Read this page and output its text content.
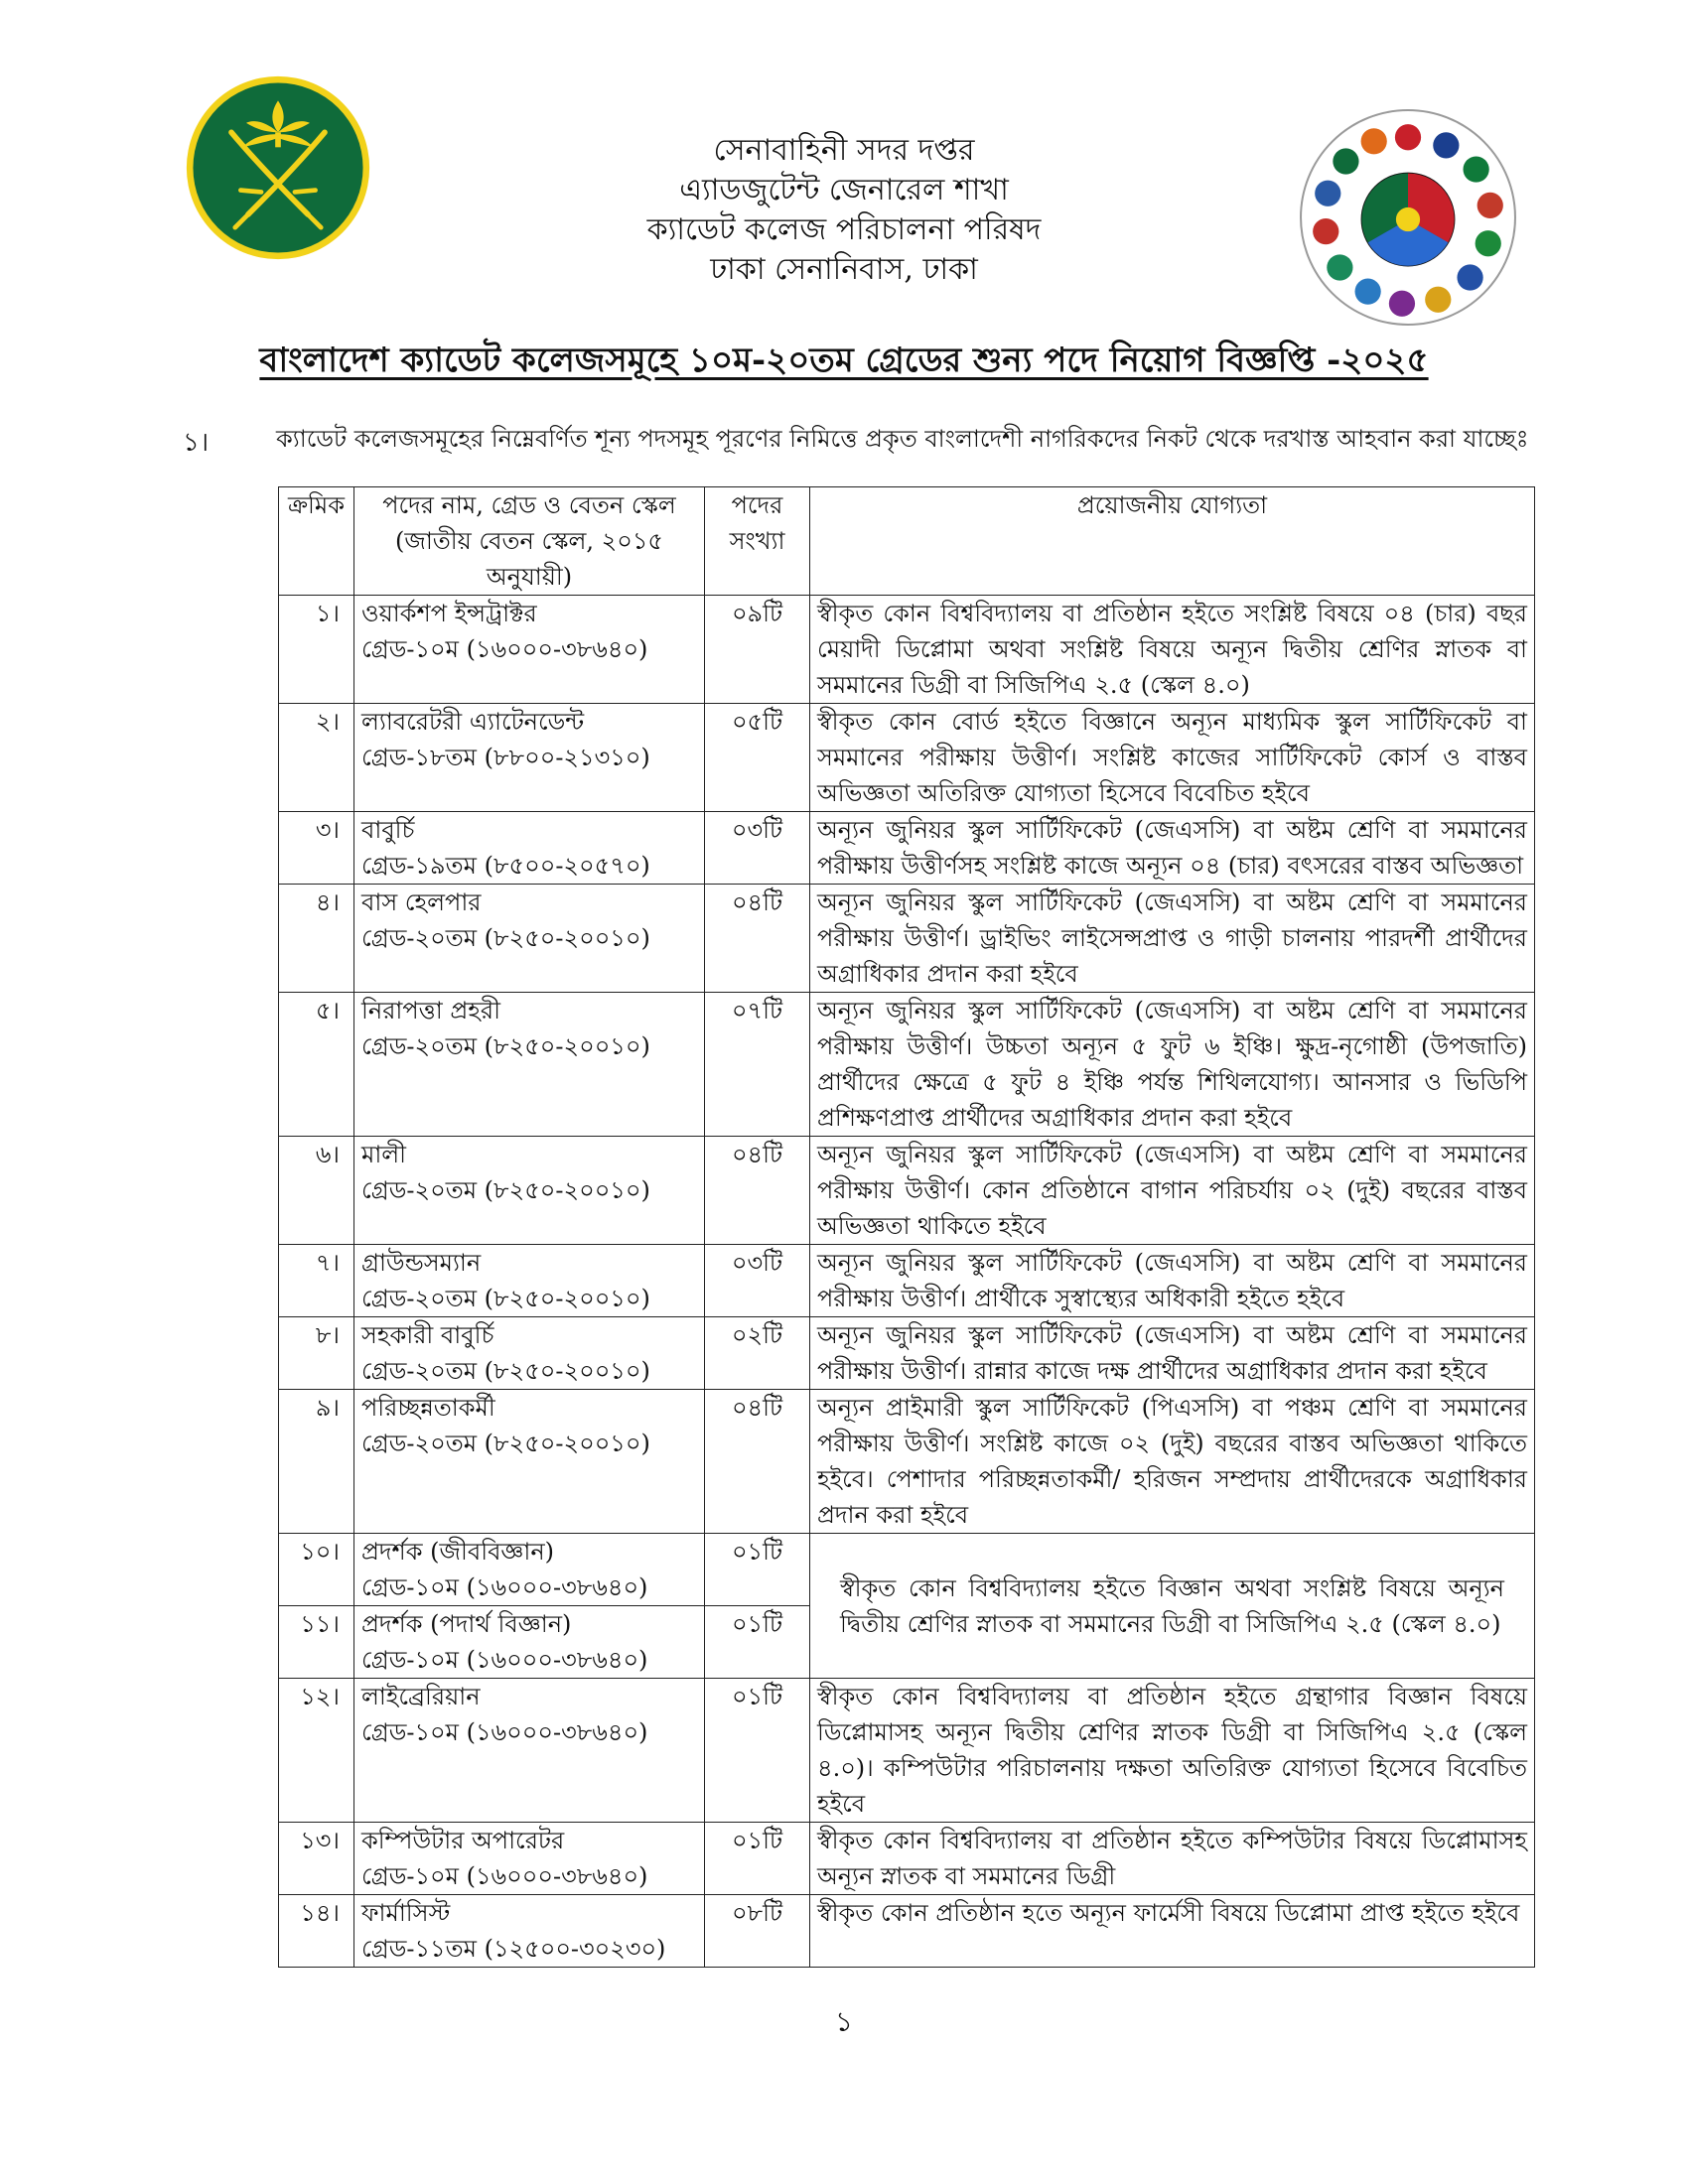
সেনাবাহিনী সদর দপ্তর
এ্যাডজুটেন্ট জেনারেল শাখা
ক্যাডেট কলেজ পরিচালনা পরিষদ
ঢাকা সেনানিবাস, ঢাকা
বাংলাদেশ ক্যাডেট কলেজসমূহে ১০ম-২০তম গ্রেডের শুন্য পদে নিয়োগ বিজ্ঞপ্তি -২০২৫
১।	ক্যাডেট কলেজসমূহের নিম্নেবর্ণিত শূন্য পদসমূহ পূরণের নিমিত্তে প্রকৃত বাংলাদেশী নাগরিকদের নিকট থেকে দরখাস্ত আহবান করা যাচ্ছেঃ
ক্রমিক	পদের নাম, গ্রেড ও বেতন স্কেল (জাতীয় বেতন স্কেল, ২০১৫ অনুযায়ী)	পদের সংখ্যা	প্রয়োজনীয় যোগ্যতা
১।	ওয়ার্কশপ ইন্সট্রাক্টর
গ্রেড-১০ম (১৬০০০-৩৮৬৪০)	০৯টি	স্বীকৃত কোন বিশ্ববিদ্যালয় বা প্রতিষ্ঠান হইতে সংশ্লিষ্ট বিষয়ে ০৪ (চার) বছর মেয়াদী ডিপ্লোমা অথবা সংশ্লিষ্ট বিষয়ে অন্যূন দ্বিতীয় শ্রেণির স্নাতক বা সমমানের ডিগ্রী বা সিজিপিএ ২.৫ (স্কেল ৪.০)
২।	ল্যাবরেটরী এ্যাটেনডেন্ট
গ্রেড-১৮তম (৮৮০০-২১৩১০)	০৫টি	স্বীকৃত কোন বোর্ড হইতে বিজ্ঞানে অন্যূন মাধ্যমিক স্কুল সার্টিফিকেট বা সমমানের পরীক্ষায় উত্তীর্ণ। সংশ্লিষ্ট কাজের সার্টিফিকেট কোর্স ও বাস্তব অভিজ্ঞতা অতিরিক্ত যোগ্যতা হিসেবে বিবেচিত হইবে
৩।	বাবুর্চি
গ্রেড-১৯তম (৮৫০০-২০৫৭০)	০৩টি	অন্যূন জুনিয়র স্কুল সার্টিফিকেট (জেএসসি) বা অষ্টম শ্রেণি বা সমমানের পরীক্ষায় উত্তীর্ণসহ সংশ্লিষ্ট কাজে অন্যূন ০৪ (চার) বৎসরের বাস্তব অভিজ্ঞতা
৪।	বাস হেলপার
গ্রেড-২০তম (৮২৫০-২০০১০)	০৪টি	অন্যূন জুনিয়র স্কুল সার্টিফিকেট (জেএসসি) বা অষ্টম শ্রেণি বা সমমানের পরীক্ষায় উত্তীর্ণ। ড্রাইভিং লাইসেন্সপ্রাপ্ত ও গাড়ী চালনায় পারদর্শী প্রার্থীদের অগ্রাধিকার প্রদান করা হইবে
৫।	নিরাপত্তা প্রহরী
গ্রেড-২০তম (৮২৫০-২০০১০)	০৭টি	অন্যূন জুনিয়র স্কুল সার্টিফিকেট (জেএসসি) বা অষ্টম শ্রেণি বা সমমানের পরীক্ষায় উত্তীর্ণ। উচ্চতা অন্যূন ৫ ফুট ৬ ইঞ্চি। ক্ষুদ্র-নৃগোষ্ঠী (উপজাতি) প্রার্থীদের ক্ষেত্রে ৫ ফুট ৪ ইঞ্চি পর্যন্ত শিথিলযোগ্য। আনসার ও ভিডিপি প্রশিক্ষণপ্রাপ্ত প্রার্থীদের অগ্রাধিকার প্রদান করা হইবে
৬।	মালী
গ্রেড-২০তম (৮২৫০-২০০১০)	০৪টি	অন্যূন জুনিয়র স্কুল সার্টিফিকেট (জেএসসি) বা অষ্টম শ্রেণি বা সমমানের পরীক্ষায় উত্তীর্ণ। কোন প্রতিষ্ঠানে বাগান পরিচর্যায় ০২ (দুই) বছরের বাস্তব অভিজ্ঞতা থাকিতে হইবে
৭।	গ্রাউন্ডসম্যান
গ্রেড-২০তম (৮২৫০-২০০১০)	০৩টি	অন্যূন জুনিয়র স্কুল সার্টিফিকেট (জেএসসি) বা অষ্টম শ্রেণি বা সমমানের পরীক্ষায় উত্তীর্ণ। প্রার্থীকে সুস্বাস্থ্যের অধিকারী হইতে হইবে
৮।	সহকারী বাবুর্চি
গ্রেড-২০তম (৮২৫০-২০০১০)	০২টি	অন্যূন জুনিয়র স্কুল সার্টিফিকেট (জেএসসি) বা অষ্টম শ্রেণি বা সমমানের পরীক্ষায় উত্তীর্ণ। রান্নার কাজে দক্ষ প্রার্থীদের অগ্রাধিকার প্রদান করা হইবে
৯।	পরিচ্ছন্নতাকর্মী
গ্রেড-২০তম (৮২৫০-২০০১০)	০৪টি	অন্যূন প্রাইমারী স্কুল সার্টিফিকেট (পিএসসি) বা পঞ্চম শ্রেণি বা সমমানের পরীক্ষায় উত্তীর্ণ। সংশ্লিষ্ট কাজে ০২ (দুই) বছরের বাস্তব অভিজ্ঞতা থাকিতে হইবে। পেশাদার পরিচ্ছন্নতাকর্মী/ হরিজন সম্প্রদায় প্রার্থীদেরকে অগ্রাধিকার প্রদান করা হইবে
১০।	প্রদর্শক (জীববিজ্ঞান)
গ্রেড-১০ম (১৬০০০-৩৮৬৪০)	০১টি	স্বীকৃত কোন বিশ্ববিদ্যালয় হইতে বিজ্ঞান অথবা সংশ্লিষ্ট বিষয়ে অন্যূন দ্বিতীয় শ্রেণির স্নাতক বা সমমানের ডিগ্রী বা সিজিপিএ ২.৫ (স্কেল ৪.০)
১১।	প্রদর্শক (পদার্থ বিজ্ঞান)
গ্রেড-১০ম (১৬০০০-৩৮৬৪০)	০১টি	
১২।	লাইব্রেরিয়ান
গ্রেড-১০ম (১৬০০০-৩৮৬৪০)	০১টি	স্বীকৃত কোন বিশ্ববিদ্যালয় বা প্রতিষ্ঠান হইতে গ্রন্থাগার বিজ্ঞান বিষয়ে ডিপ্লোমাসহ অন্যূন দ্বিতীয় শ্রেণির স্নাতক ডিগ্রী বা সিজিপিএ ২.৫ (স্কেল ৪.০)। কম্পিউটার পরিচালনায় দক্ষতা অতিরিক্ত যোগ্যতা হিসেবে বিবেচিত হইবে
১৩।	কম্পিউটার অপারেটর
গ্রেড-১০ম (১৬০০০-৩৮৬৪০)	০১টি	স্বীকৃত কোন বিশ্ববিদ্যালয় বা প্রতিষ্ঠান হইতে কম্পিউটার বিষয়ে ডিপ্লোমাসহ অন্যূন স্নাতক বা সমমানের ডিগ্রী
১৪।	ফার্মাসিস্ট
গ্রেড-১১তম (১২৫০০-৩০২৩০)	০৮টি	স্বীকৃত কোন প্রতিষ্ঠান হতে অন্যূন ফার্মেসী বিষয়ে ডিপ্লোমা প্রাপ্ত হইতে হইবে
১
